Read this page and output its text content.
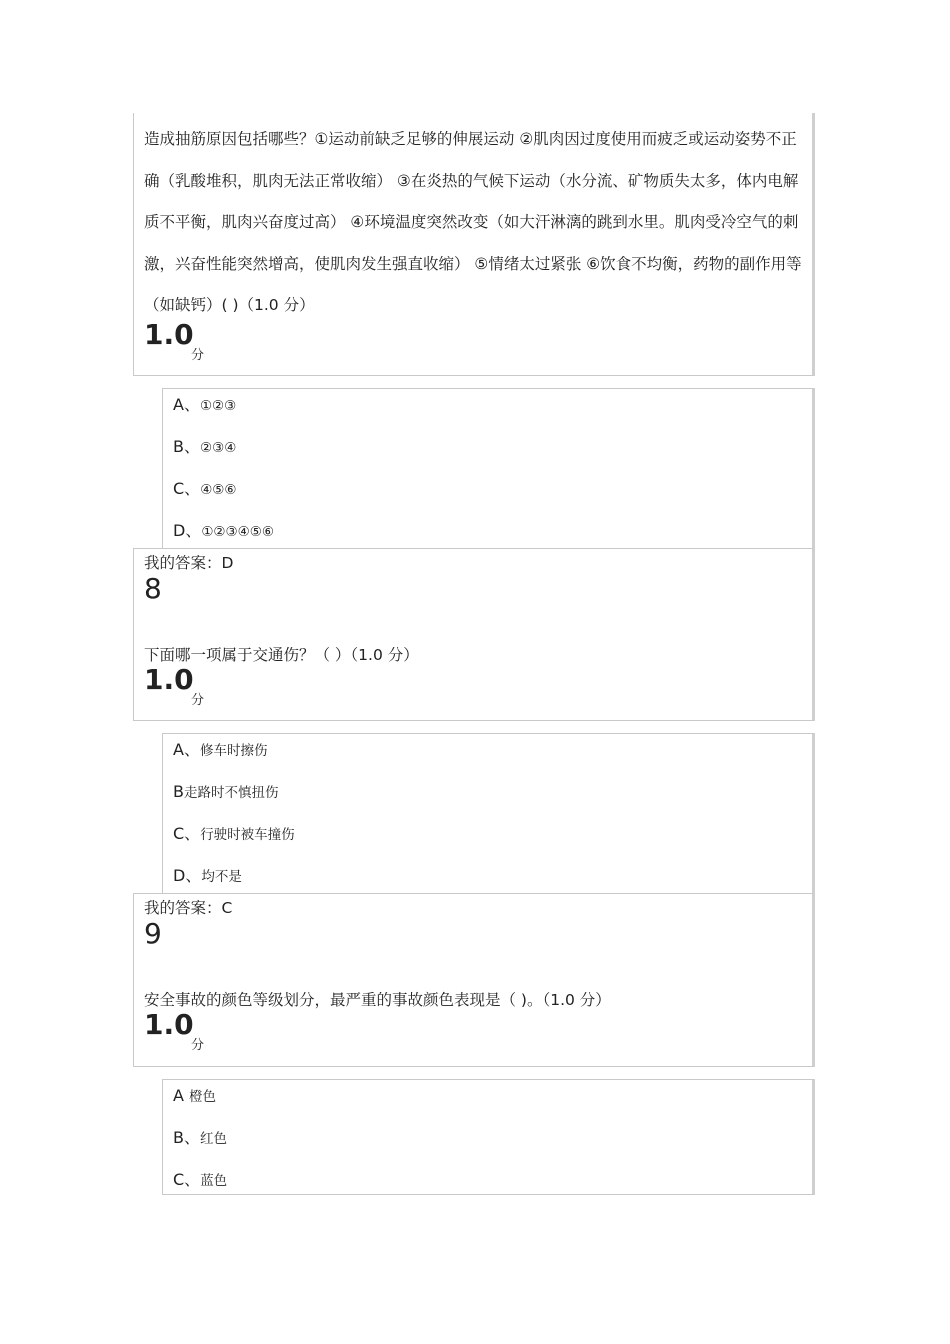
造成抽筋原因包括哪些？①运动前缺乏足够的伸展运动 ②肌肉因过度使用而疲乏或运动姿势不正确（乳酸堆积，肌肉无法正常收缩） ③在炎热的气候下运动（水分流、矿物质失太多，体内电解质不平衡，肌肉兴奋度过高） ④环境温度突然改变（如大汗淋漓的跳到水里。肌肉受冷空气的刺激，兴奋性能突然增高，使肌肉发生强直收缩） ⑤情绪太过紧张 ⑥饮食不均衡，药物的副作用等（如缺钙）( )（1.0 分）
1.0
分
A、①②③
B、②③④
C、④⑤⑥
D、①②③④⑤⑥
我的答案：D
8
下面哪一项属于交通伤？（ ）（1.0 分）
1.0
分
A、修车时擦伤
B走路时不慎扭伤
C、行驶时被车撞伤
D、均不是
我的答案：C
9
安全事故的颜色等级划分，最严重的事故颜色表现是（ )。（1.0 分）
1.0
分
A 橙色
B、红色
C、蓝色
